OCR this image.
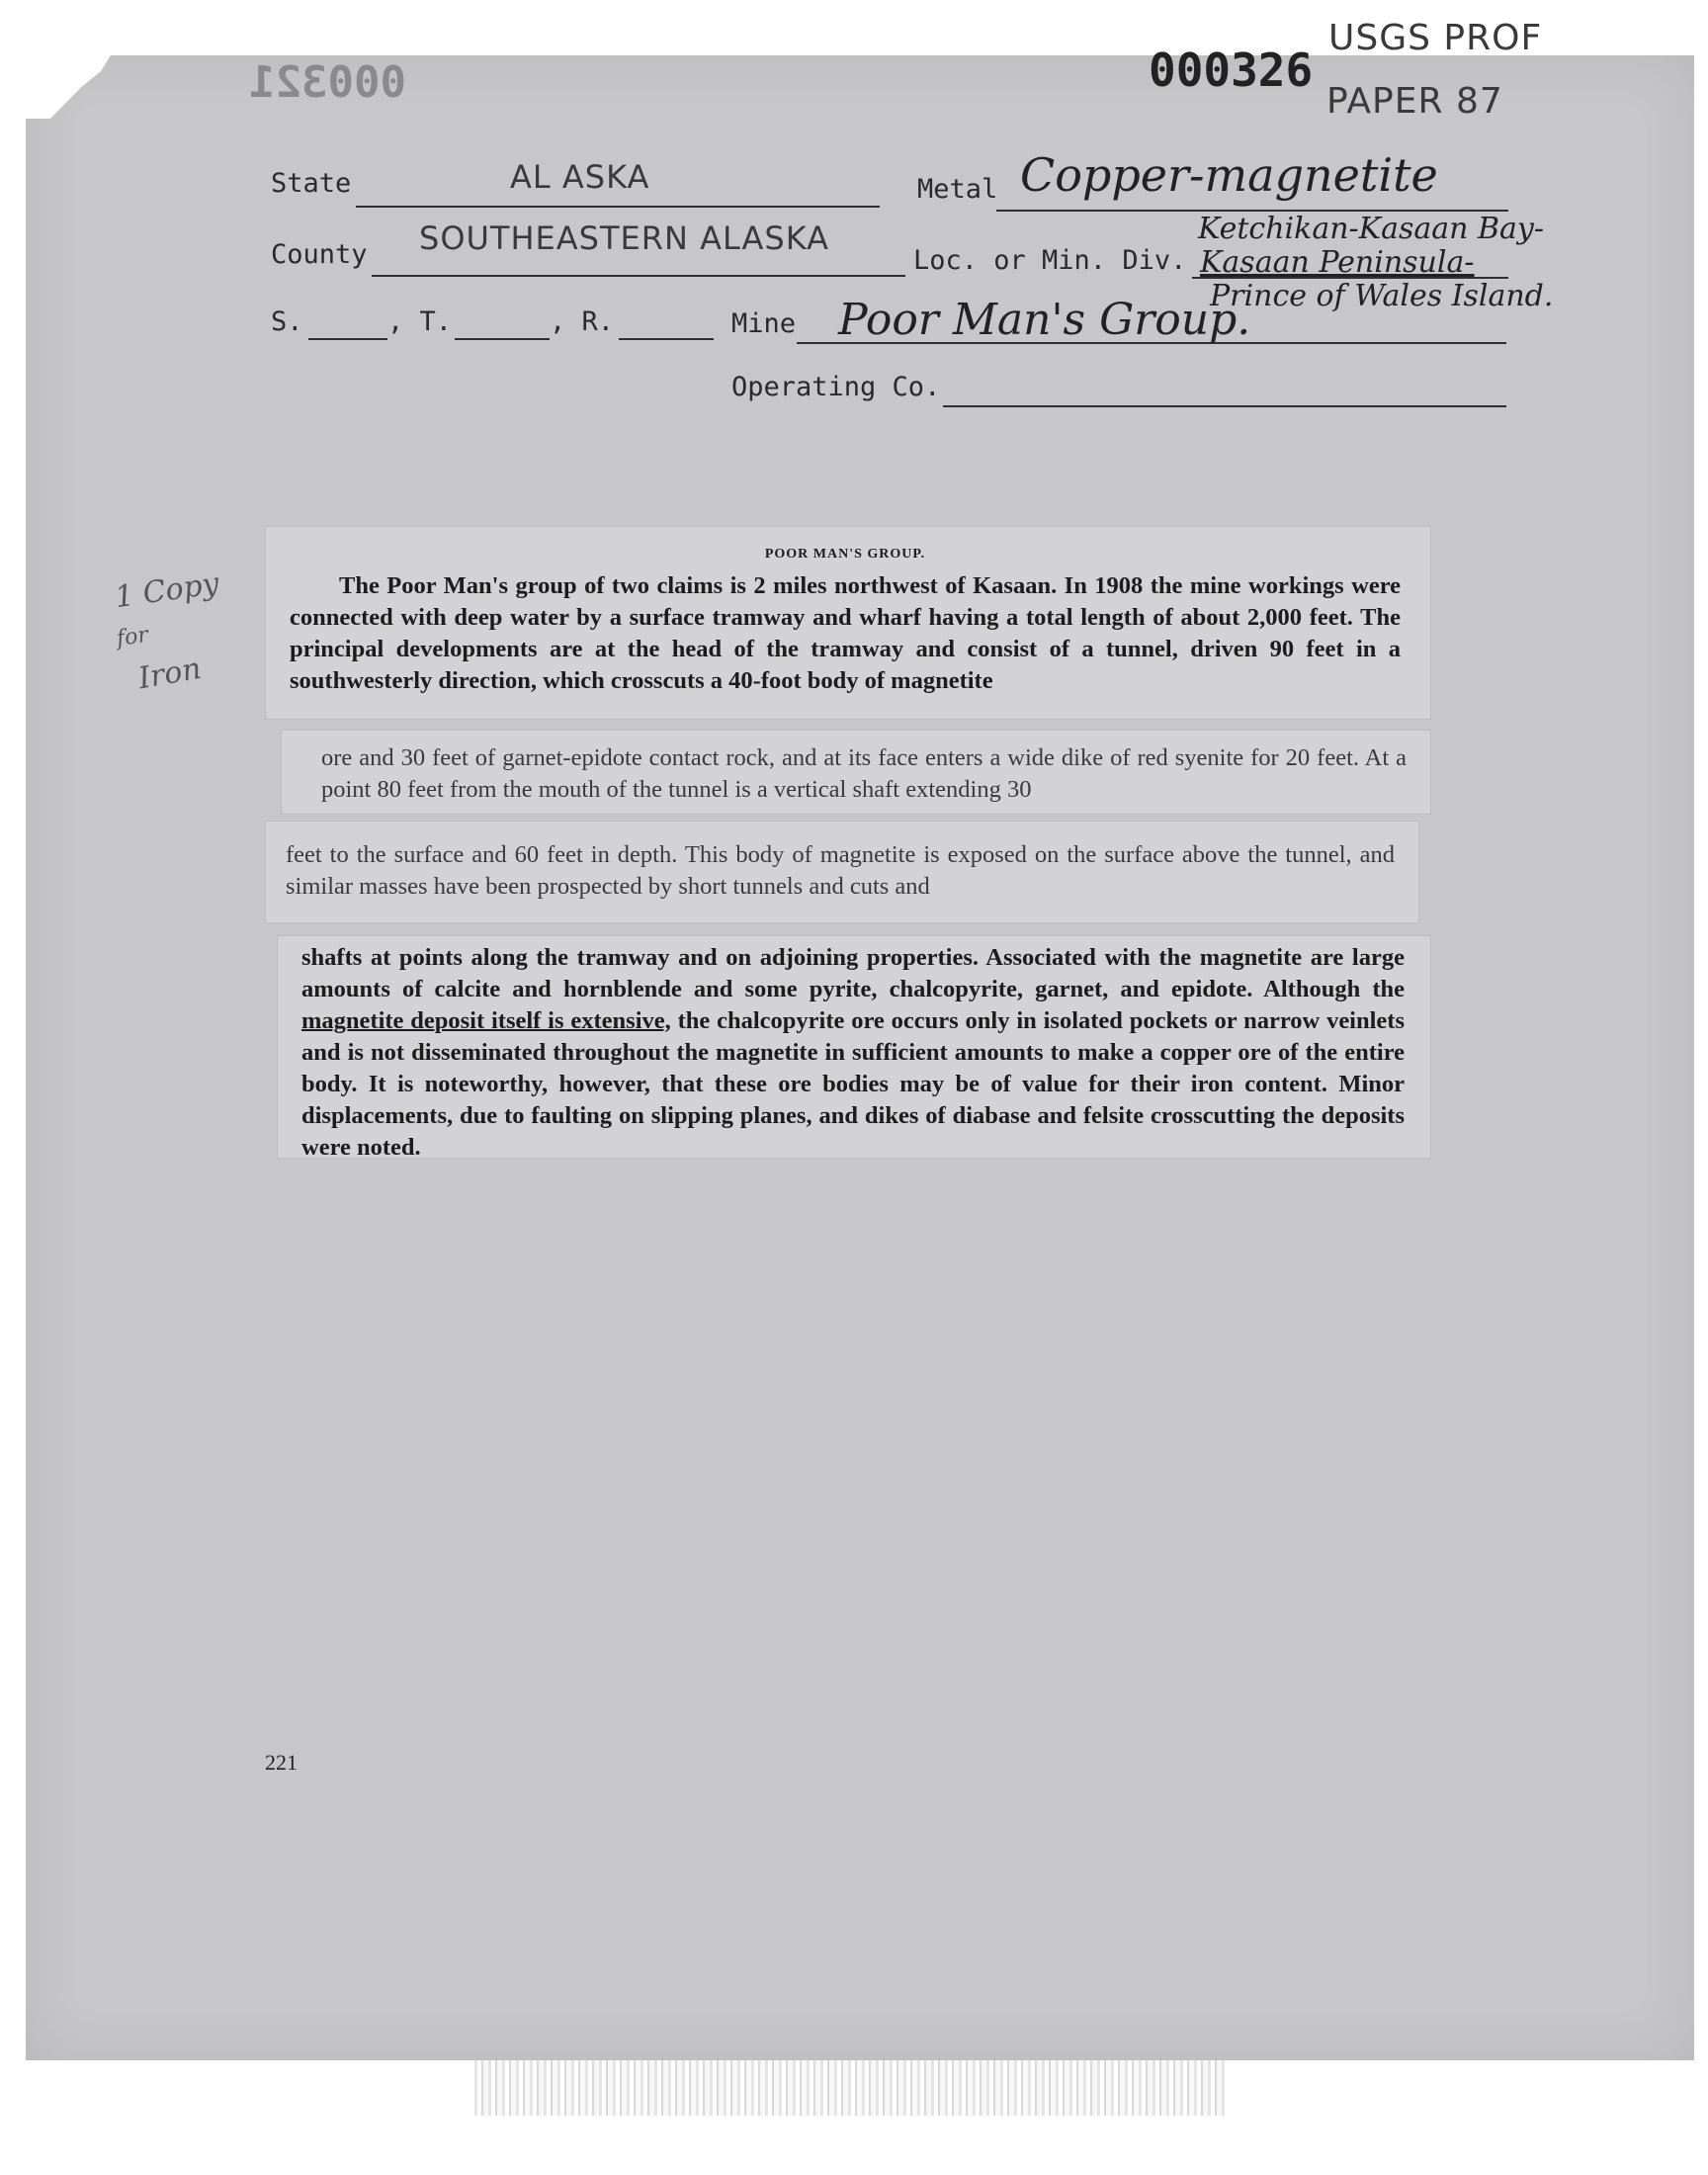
000321	000326
USGS PROF
PAPER 87
State	AL ASKA	Metal Copper-magnetite
County SOUTHEASTERN ALASKA
Loc. or Min. Div.
Ketchikan-Kasaan Bay-
Kasaan Peninsula-
Prince of Wales Island.
S.	, T.	, R.	Mine Poor Man's Group.
Operating Co.
1 Copy
for
Iron
POOR MAN'S GROUP.

The Poor Man's group of two claims is 2 miles northwest of Kasaan. In 1908 the mine workings were connected with deep water by a surface tramway and wharf having a total length of about 2,000 feet. The principal developments are at the head of the tramway and consist of a tunnel, driven 90 feet in a southwesterly direction, which crosscuts a 40-foot body of magnetite

ore and 30 feet of garnet-epidote contact rock, and at its face enters a wide dike of red syenite for 20 feet. At a point 80 feet from the mouth of the tunnel is a vertical shaft extending 30

feet to the surface and 60 feet in depth. This body of magnetite is exposed on the surface above the tunnel, and similar masses have been prospected by short tunnels and cuts and

shafts at points along the tramway and on adjoining properties. Associated with the magnetite are large amounts of calcite and hornblende and some pyrite, chalcopyrite, garnet, and epidote. Although the magnetite deposit itself is extensive, the chalcopyrite ore occurs only in isolated pockets or narrow veinlets and is not disseminated throughout the magnetite in sufficient amounts to make a copper ore of the entire body. It is noteworthy, however, that these ore bodies may be of value for their iron content. Minor displacements, due to faulting on slipping planes, and dikes of diabase and felsite crosscutting the deposits were noted.

221
